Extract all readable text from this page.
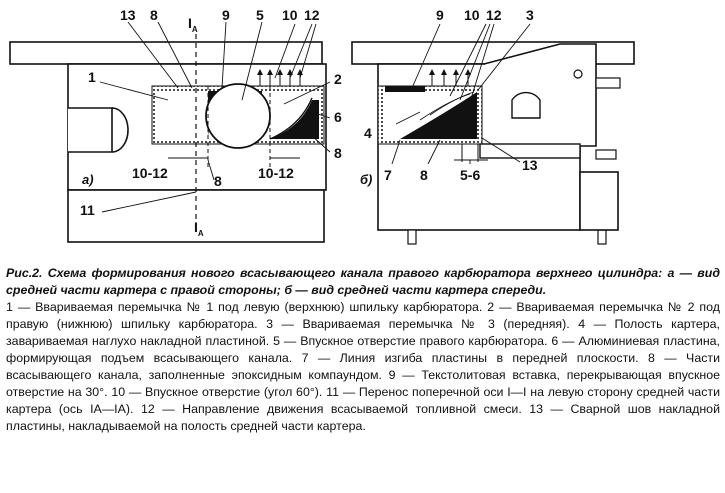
13 8 $I_A$
9 5 10 12
1	2
6
8
10-12	8	10-12
11
$I_A$
а)
9 10 12 3
4
13
7 8 5-6
б)
Рис.2. Схема формирования нового всасывающего канала правого карбюратора верхнего цилиндра: а — вид средней части картера с правой стороны; б — вид средней части картера спереди.

1 — Ввариваемая перемычка № 1 под левую (верхнюю) шпильку карбюратора. 2 — Ввариваемая перемычка № 2 под правую (нижнюю) шпильку карбюратора. 3 — Ввариваемая перемычка № 3 (передняя). 4 — Полость картера, завариваемая наглухо накладной пластиной. 5 — Впускное отверстие правого карбюратора. 6 — Алюминиевая пластина, формирующая подъем всасывающего канала. 7 — Линия изгиба пластины в передней плоскости. 8 — Части всасывающего канала, заполненные эпоксидным компаундом. 9 — Текстолитовая вставка, перекрывающая впускное отверстие на 30°. 10 — Впускное отверстие (угол 60°). 11 — Перенос поперечной оси I—I на левую сторону средней части картера (ось IA—IA). 12 — Направление движения всасываемой топливной смеси. 13 — Сварной шов накладной пластины, накладываемой на полость средней части картера.
